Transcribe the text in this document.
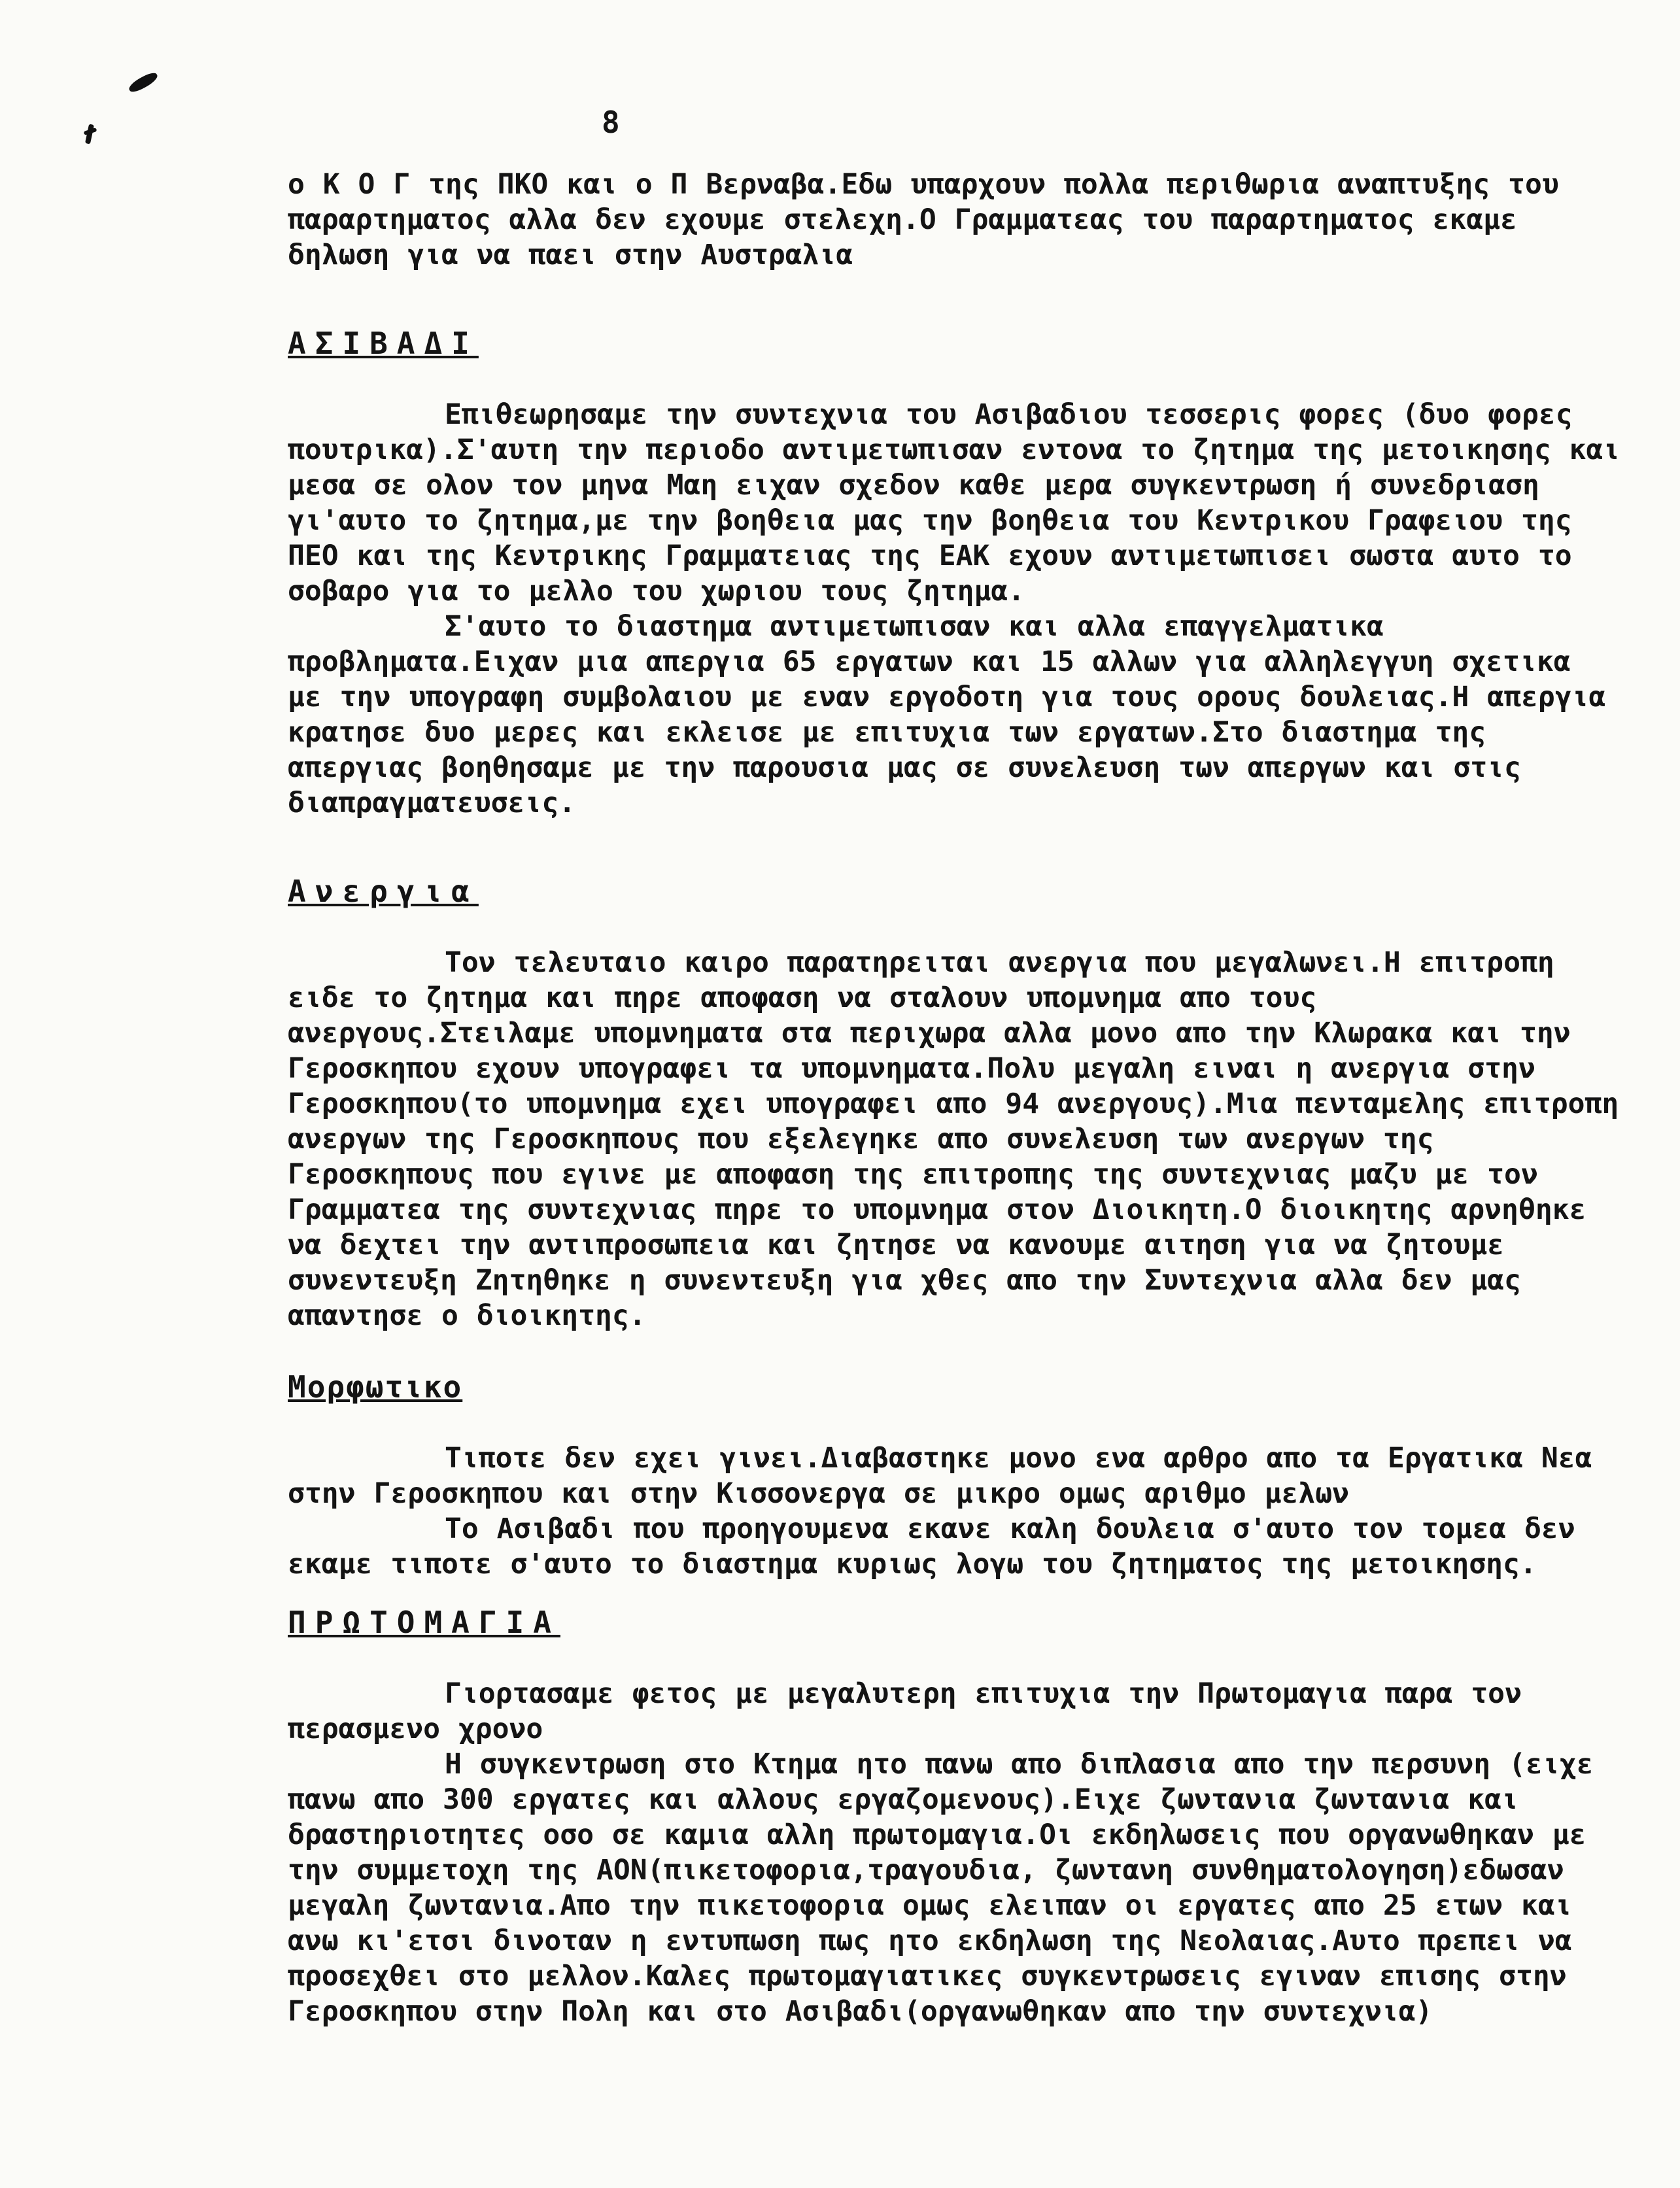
8

ο Κ Ο Γ της ΠΚΟ και ο Π Βερναβα.Εδω υπαρχουν πολλα περιθωρια αναπτυξης του παραρτηματος αλλα δεν εχουμε στελεχη.Ο Γραμματεας του παραρτηματος εκαμε δηλωση για να παει στην Αυστραλια

ΑΣΙΒΑΔΙ

Επιθεωρησαμε την συντεχνια του Ασιβαδιου τεσσερις φορες (δυο φορες πουτρικα).Σ'αυτη την περιοδο αντιμετωπισαν εντονα το ζητημα της μετοικησης και μεσα σε ολον τον μηνα Μαη ειχαν σχεδον καθε μερα συγκεντρωση ή συνεδριαση γι'αυτο το ζητημα,με την βοηθεια μας την βοηθεια του Κεντρικου Γραφειου της ΠΕΟ και της Κεντρικης Γραμματειας της ΕΑΚ εχουν αντιμετωπισει σωστα αυτο το σοβαρο για το μελλο του χωριου τους ζητημα.

Σ'αυτο το διαστημα αντιμετωπισαν και αλλα επαγγελματικα προβληματα.Ειχαν μια απεργια 65 εργατων και 15 αλλων για αλληλεγγυη σχετικα με την υπογραφη συμβολαιου με εναν εργοδοτη για τους ορους δουλειας.Η απεργια κρατησε δυο μερες και εκλεισε με επιτυχια των εργατων.Στο διαστημα της απεργιας βοηθησαμε με την παρουσια μας σε συνελευση των απεργων και στις διαπραγματευσεις.

Ανεργια

Τον τελευταιο καιρο παρατηρειται ανεργια που μεγαλωνει.Η επιτροπη ειδε το ζητημα και πηρε αποφαση να σταλουν υπομνημα απο τους ανεργους.Στειλαμε υπομνηματα στα περιχωρα αλλα μονο απο την Κλωρακα και την Γεροσκηπου εχουν υπογραφει τα υπομνηματα.Πολυ μεγαλη ειναι η ανεργια στην Γεροσκηπου(το υπομνημα εχει υπογραφει απο 94 ανεργους).Μια πενταμελης επιτροπη ανεργων της Γεροσκηπους που εξελεγηκε απο συνελευση των ανεργων της Γεροσκηπους που εγινε με αποφαση της επιτροπης της συντεχνιας μαζυ με τον Γραμματεα της συντεχνιας πηρε το υπομνημα στον Διοικητη.Ο διοικητης αρνηθηκε να δεχτει την αντιπροσωπεια και ζητησε να κανουμε αιτηση για να ζητουμε συνεντευξη Ζητηθηκε η συνεντευξη για χθες απο την Συντεχνια αλλα δεν μας απαντησε ο διοικητης.

Μορφωτικο

Τιποτε δεν εχει γινει.Διαβαστηκε μονο ενα αρθρο απο τα Εργατικα Νεα στην Γεροσκηπου και στην Κισσονεργα σε μικρο ομως αριθμο μελων

Το Ασιβαδι που προηγουμενα εκανε καλη δουλεια σ'αυτο τον τομεα δεν εκαμε τιποτε σ'αυτο το διαστημα κυριως λογω του ζητηματος της μετοικησης.

ΠΡΩΤΟΜΑΓΙΑ

Γιορτασαμε φετος με μεγαλυτερη επιτυχια την Πρωτομαγια παρα τον περασμενο χρονο

Η συγκεντρωση στο Κτημα ητο πανω απο διπλασια απο την περσυνη (ειχε πανω απο 300 εργατες και αλλους εργαζομενους).Ειχε ζωντανια ζωντανια και δραστηριοτητες οσο σε καμια αλλη πρωτομαγια.Οι εκδηλωσεις που οργανωθηκαν με την συμμετοχη της ΑΟΝ(πικετοφορια,τραγουδια, ζωντανη συνθηματολογηση)εδωσαν μεγαλη ζωντανια.Απο την πικετοφορια ομως ελειπαν οι εργατες απο 25 ετων και ανω κι'ετσι δινοταν η εντυπωση πως ητο εκδηλωση της Νεολαιας.Αυτο πρεπει να προσεχθει στο μελλον.Καλες πρωτομαγιατικες συγκεντρωσεις εγιναν επισης στην Γεροσκηπου στην Πολη και στο Ασιβαδι(οργανωθηκαν απο την συντεχνια)
